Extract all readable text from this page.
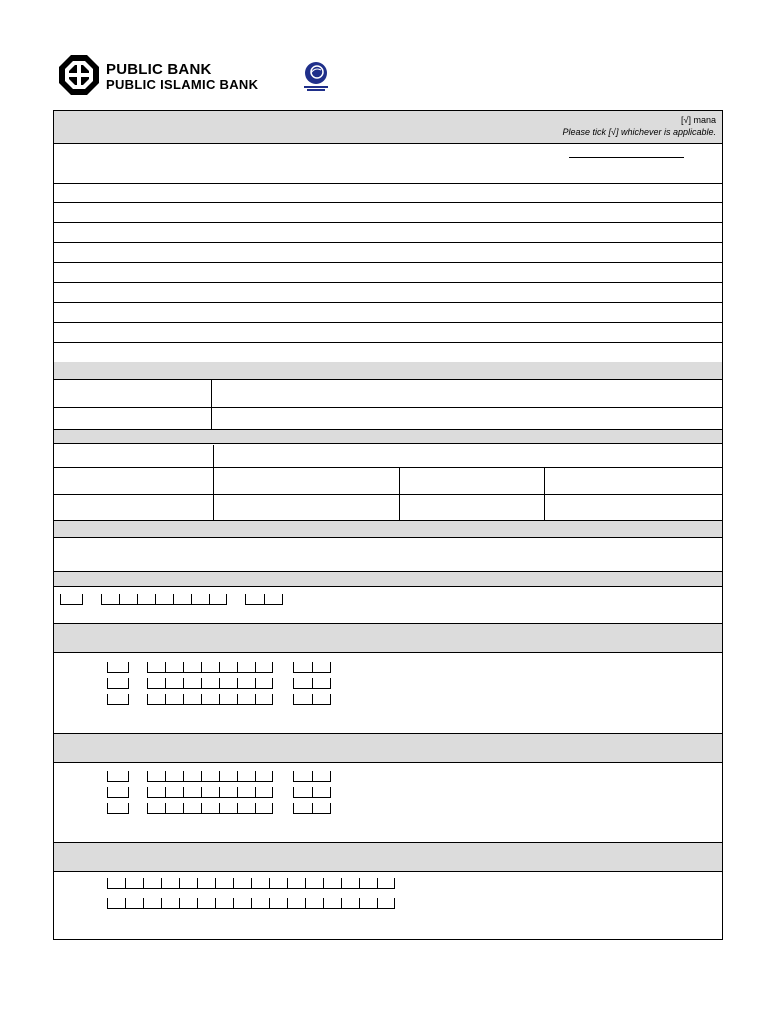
PUBLIC BANK
PUBLIC ISLAMIC BANK
[√] mana
Please tick [√] whichever is applicable.
